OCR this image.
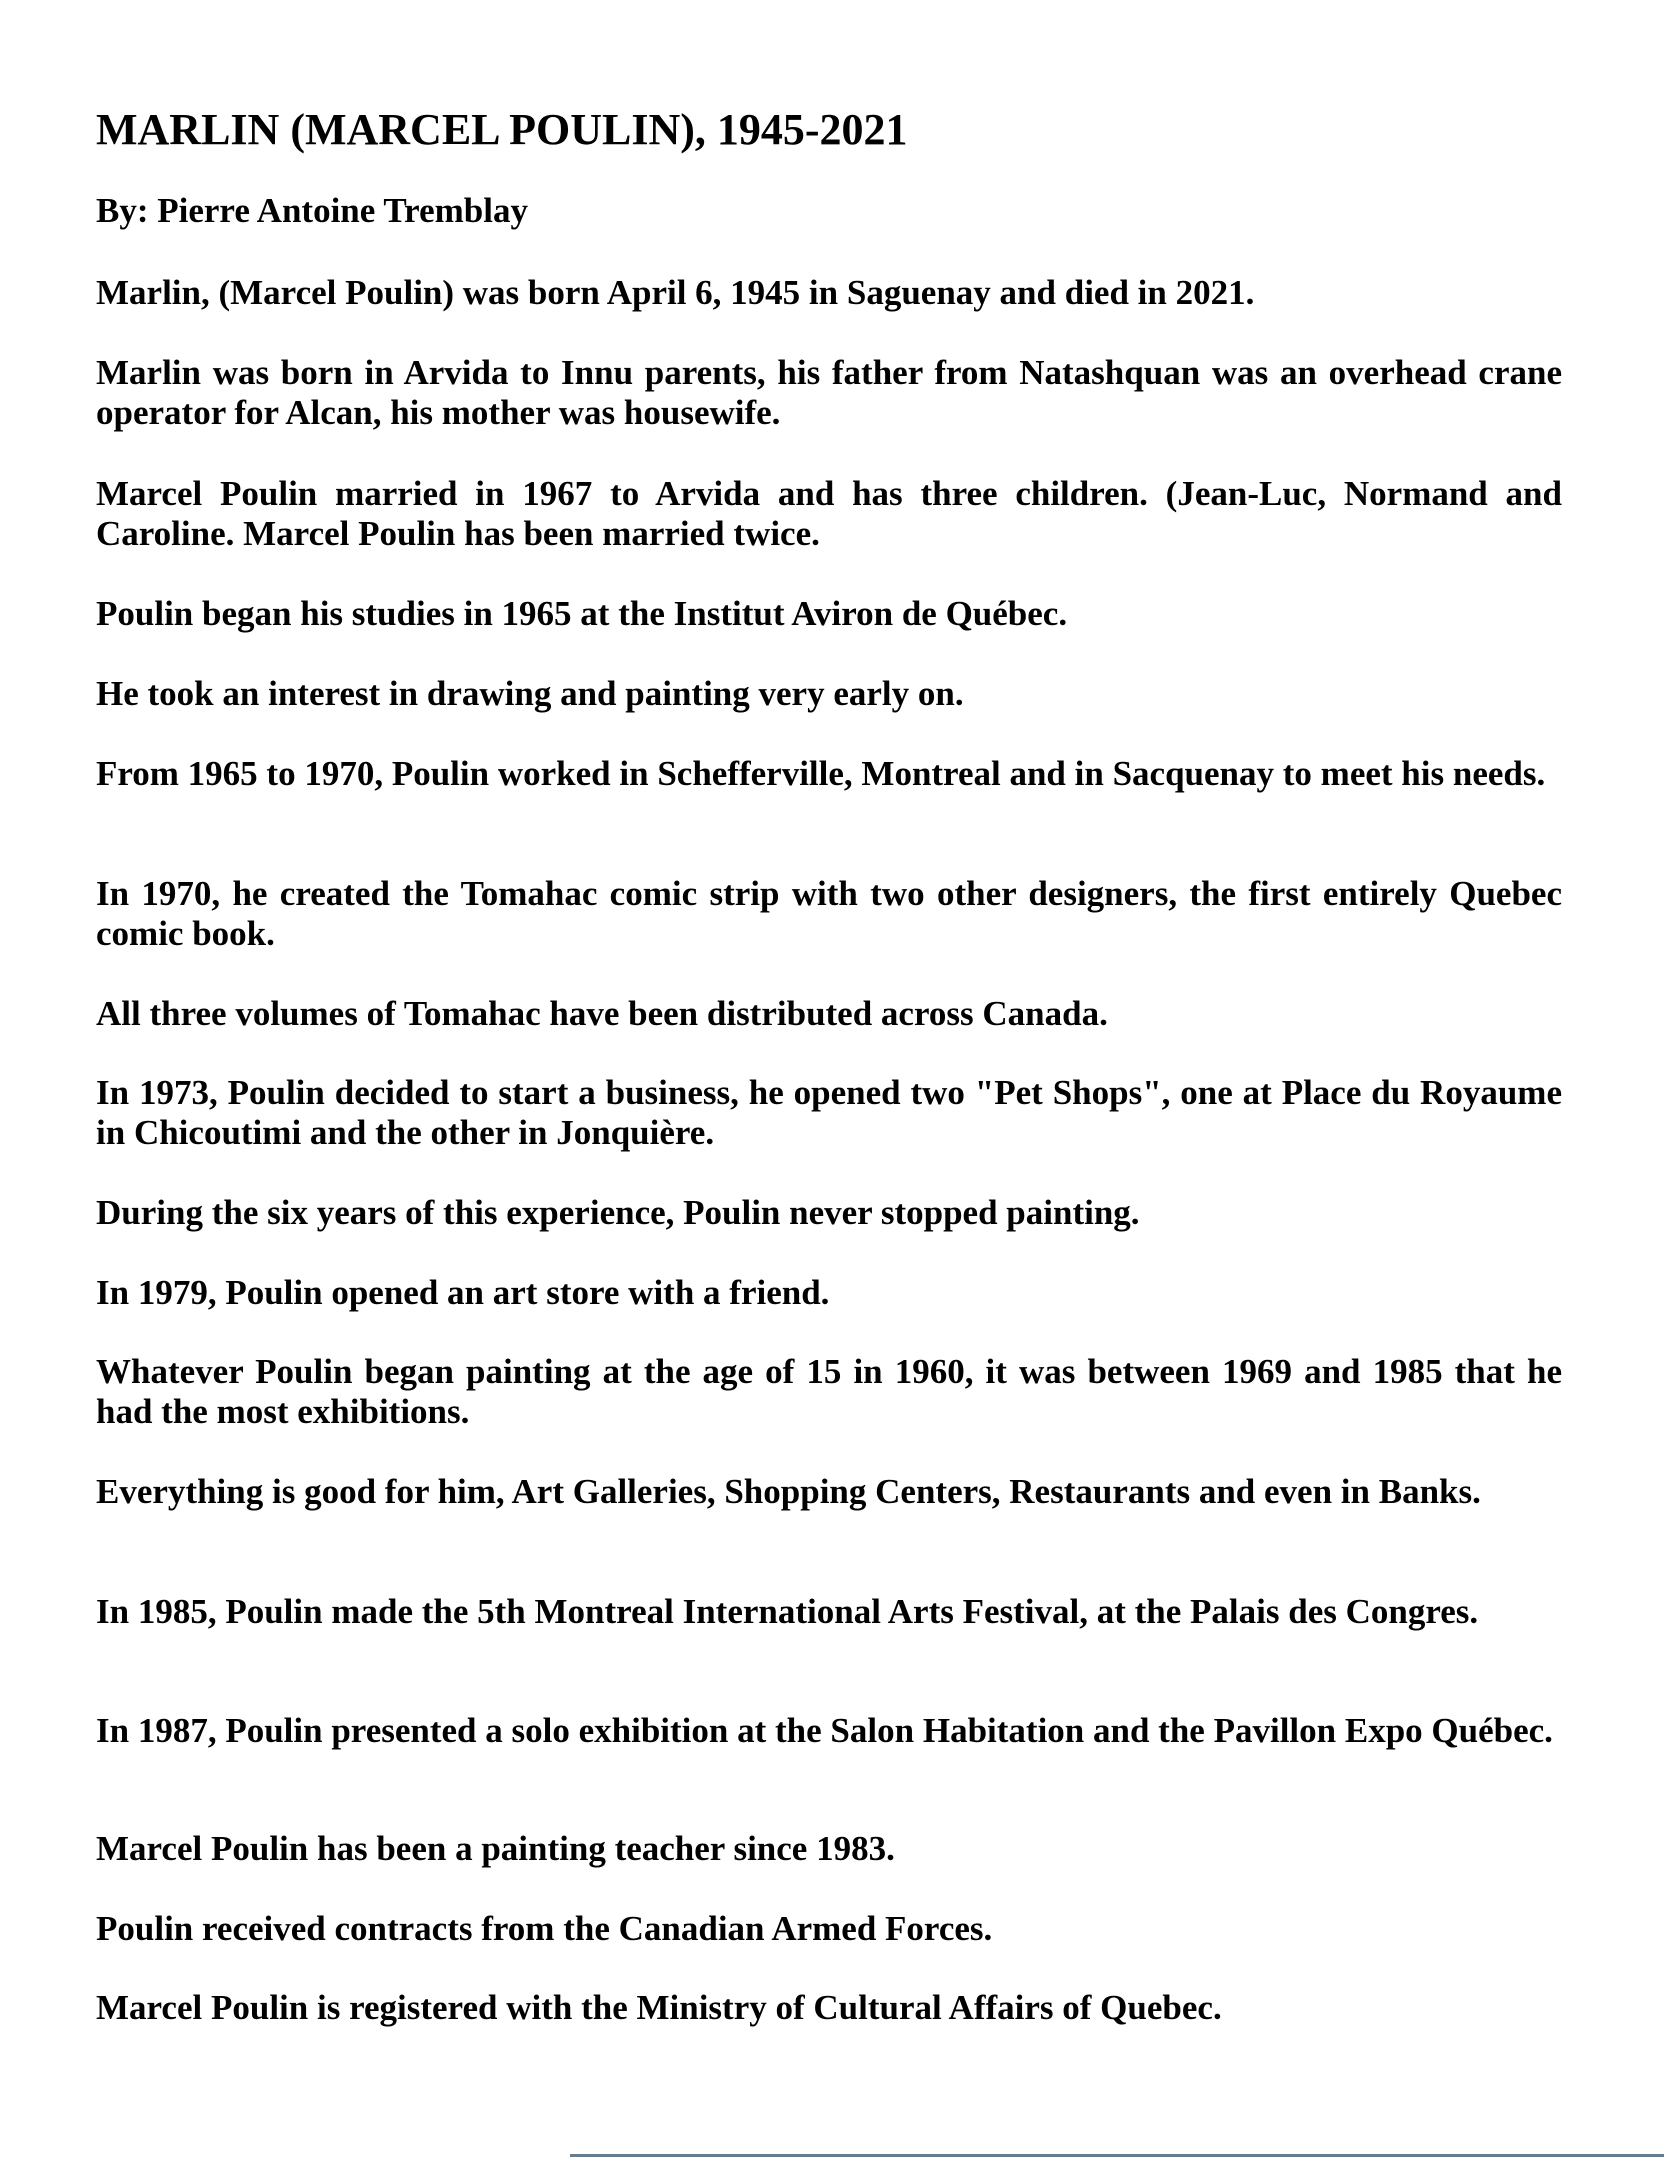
MARLIN (MARCEL POULIN), 1945-2021

By: Pierre Antoine Tremblay

Marlin, (Marcel Poulin) was born April 6, 1945 in Saguenay and died in 2021.

Marlin was born in Arvida to Innu parents, his father from Natashquan was an overhead crane operator for Alcan, his mother was housewife.

Marcel Poulin married in 1967 to Arvida and has three children. (Jean-Luc, Normand and Caroline. Marcel Poulin has been married twice.

Poulin began his studies in 1965 at the Institut Aviron de Québec.

He took an interest in drawing and painting very early on.

From 1965 to 1970, Poulin worked in Schefferville, Montreal and in Sacquenay to meet his needs.

In 1970, he created the Tomahac comic strip with two other designers, the first entirely Quebec comic book.

All three volumes of Tomahac have been distributed across Canada.

In 1973, Poulin decided to start a business, he opened two "Pet Shops", one at Place du Royaume in Chicoutimi and the other in Jonquière.

During the six years of this experience, Poulin never stopped painting.

In 1979, Poulin opened an art store with a friend.

Whatever Poulin began painting at the age of 15 in 1960, it was between 1969 and 1985 that he had the most exhibitions.

Everything is good for him, Art Galleries, Shopping Centers, Restaurants and even in Banks.

In 1985, Poulin made the 5th Montreal International Arts Festival, at the Palais des Congres.

In 1987, Poulin presented a solo exhibition at the Salon Habitation and the Pavillon Expo Québec.

Marcel Poulin has been a painting teacher since 1983.

Poulin received contracts from the Canadian Armed Forces.

Marcel Poulin is registered with the Ministry of Cultural Affairs of Quebec.
